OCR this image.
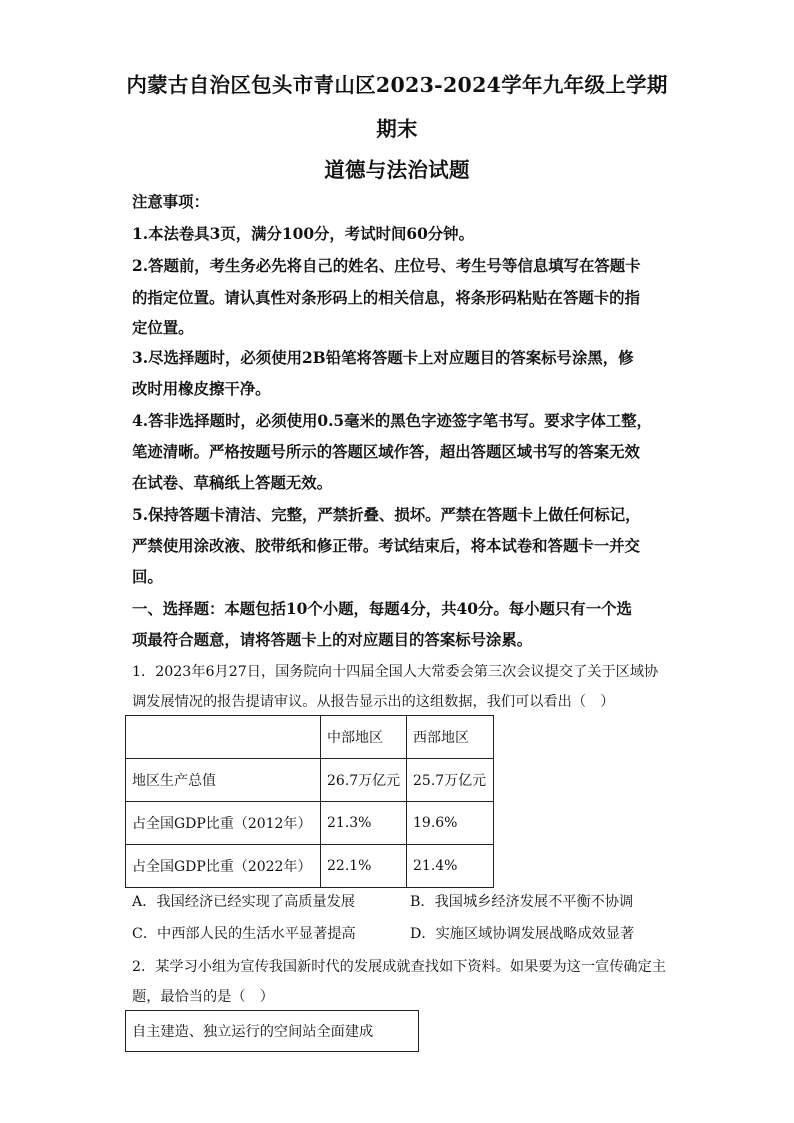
内蒙古自治区包头市青山区2023-2024学年九年级上学期
期末
道德与法治试题
注意事项：
1.本法卷具3页，满分100分，考试时间60分钟。
2.答题前，考生务必先将自己的姓名、庄位号、考生号等信息填写在答题卡
的指定位置。请认真性对条形码上的相关信息，将条形码粘贴在答题卡的指
定位置。
3.尽选择题时，必须使用2B铅笔将答题卡上对应题目的答案标号涂黑，修
改时用橡皮擦干净。
4.答非选择题时，必须使用0.5毫米的黑色字迹签字笔书写。要求字体工整，
笔迹清晰。严格按题号所示的答题区域作答，超出答题区域书写的答案无效
在试卷、草稿纸上答题无效。
5.保持答题卡清洁、完整，严禁折叠、损坏。严禁在答题卡上做任何标记，
严禁使用涂改液、胶带纸和修正带。考试结束后，将本试卷和答题卡一并交
回。
一、选择题：本题包括10个小题，每题4分，共40分。每小题只有一个选
项最符合题意，请将答题卡上的对应题目的答案标号涂累。
1．2023年6月27日，国务院向十四届全国人大常委会第三次会议提交了关于区域协
调发展情况的报告提请审议。从报告显示出的这组数据，我们可以看出（　）
	中部地区	西部地区
地区生产总值	26.7万亿元	25.7万亿元
占全国GDP比重（2012年）	21.3%	19.6%
占全国GDP比重（2022年）	22.1%	21.4%
A．我国经济已经实现了高质量发展	B．我国城乡经济发展不平衡不协调
C．中西部人民的生活水平显著提高	D．实施区域协调发展战略成效显著
2．某学习小组为宣传我国新时代的发展成就查找如下资料。如果要为这一宣传确定主
题，最恰当的是（　）
自主建造、独立运行的空间站全面建成
